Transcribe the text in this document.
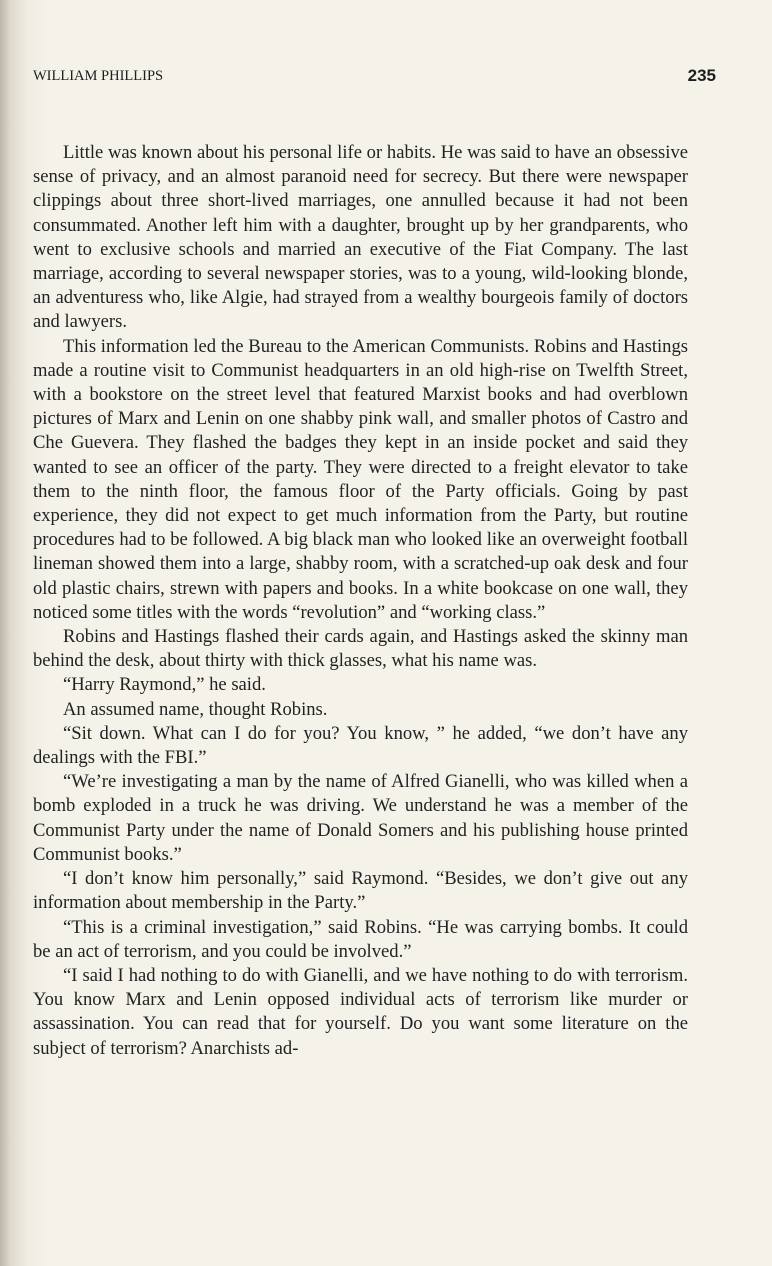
WILLIAM PHILLIPS	235

Little was known about his personal life or habits. He was said to have an obsessive sense of privacy, and an almost paranoid need for secrecy. But there were newspaper clippings about three short-lived marriages, one annulled because it had not been consummated. Another left him with a daughter, brought up by her grandparents, who went to exclusive schools and married an executive of the Fiat Company. The last marriage, according to several newspaper stories, was to a young, wild-looking blonde, an adventuress who, like Algie, had strayed from a wealthy bourgeois family of doctors and lawyers.

This information led the Bureau to the American Communists. Robins and Hastings made a routine visit to Communist headquarters in an old high-rise on Twelfth Street, with a bookstore on the street level that featured Marxist books and had overblown pictures of Marx and Lenin on one shabby pink wall, and smaller photos of Castro and Che Guevera. They flashed the badges they kept in an inside pocket and said they wanted to see an officer of the party. They were directed to a freight elevator to take them to the ninth floor, the famous floor of the Party officials. Going by past experience, they did not expect to get much information from the Party, but routine procedures had to be followed. A big black man who looked like an overweight football lineman showed them into a large, shabby room, with a scratched-up oak desk and four old plastic chairs, strewn with papers and books. In a white bookcase on one wall, they noticed some titles with the words “revolution” and “working class.”

Robins and Hastings flashed their cards again, and Hastings asked the skinny man behind the desk, about thirty with thick glasses, what his name was.

“Harry Raymond,” he said.

An assumed name, thought Robins.

“Sit down. What can I do for you? You know, ” he added, “we don’t have any dealings with the FBI.”

“We’re investigating a man by the name of Alfred Gianelli, who was killed when a bomb exploded in a truck he was driving. We understand he was a member of the Communist Party under the name of Donald Somers and his publishing house printed Communist books.”

“I don’t know him personally,” said Raymond. “Besides, we don’t give out any information about membership in the Party.”

“This is a criminal investigation,” said Robins. “He was carrying bombs. It could be an act of terrorism, and you could be involved.”

“I said I had nothing to do with Gianelli, and we have nothing to do with terrorism. You know Marx and Lenin opposed individual acts of terrorism like murder or assassination. You can read that for yourself. Do you want some literature on the subject of terrorism? Anarchists ad-
